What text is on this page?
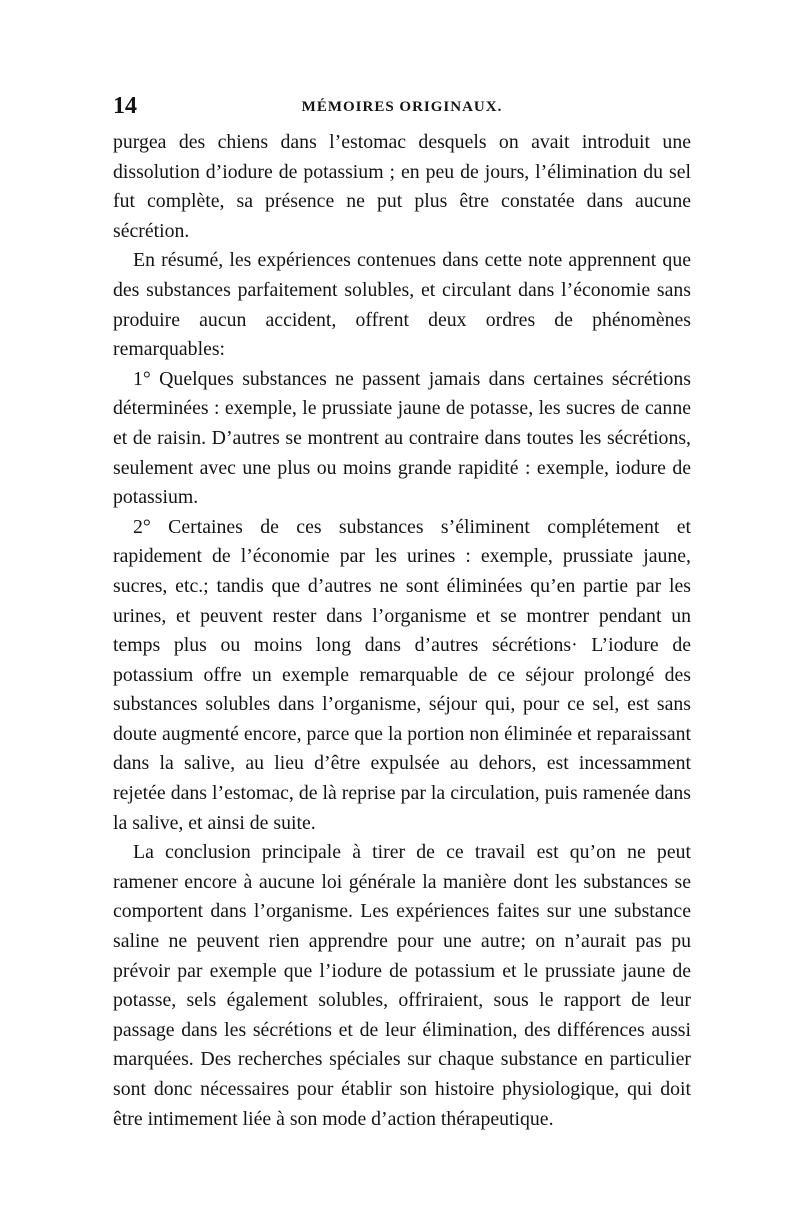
14	MÉMOIRES ORIGINAUX.

purgea des chiens dans l’estomac desquels on avait introduit une dissolution d’iodure de potassium ; en peu de jours, l’élimination du sel fut complète, sa présence ne put plus être constatée dans aucune sécrétion.

En résumé, les expériences contenues dans cette note apprennent que des substances parfaitement solubles, et circulant dans l’économie sans produire aucun accident, offrent deux ordres de phénomènes remarquables:

1° Quelques substances ne passent jamais dans certaines sécrétions déterminées : exemple, le prussiate jaune de potasse, les sucres de canne et de raisin. D’autres se montrent au contraire dans toutes les sécrétions, seulement avec une plus ou moins grande rapidité : exemple, iodure de potassium.

2° Certaines de ces substances s’éliminent complétement et rapidement de l’économie par les urines : exemple, prussiate jaune, sucres, etc.; tandis que d’autres ne sont éliminées qu’en partie par les urines, et peuvent rester dans l’organisme et se montrer pendant un temps plus ou moins long dans d’autres sécrétions· L’iodure de potassium offre un exemple remarquable de ce séjour prolongé des substances solubles dans l’organisme, séjour qui, pour ce sel, est sans doute augmenté encore, parce que la portion non éliminée et reparaissant dans la salive, au lieu d’être expulsée au dehors, est incessamment rejetée dans l’estomac, de là reprise par la circulation, puis ramenée dans la salive, et ainsi de suite.

La conclusion principale à tirer de ce travail est qu’on ne peut ramener encore à aucune loi générale la manière dont les substances se comportent dans l’organisme. Les expériences faites sur une substance saline ne peuvent rien apprendre pour une autre; on n’aurait pas pu prévoir par exemple que l’iodure de potassium et le prussiate jaune de potasse, sels également solubles, offriraient, sous le rapport de leur passage dans les sécrétions et de leur élimination, des différences aussi marquées. Des recherches spéciales sur chaque substance en particulier sont donc nécessaires pour établir son histoire physiologique, qui doit être intimement liée à son mode d’action thérapeutique.
